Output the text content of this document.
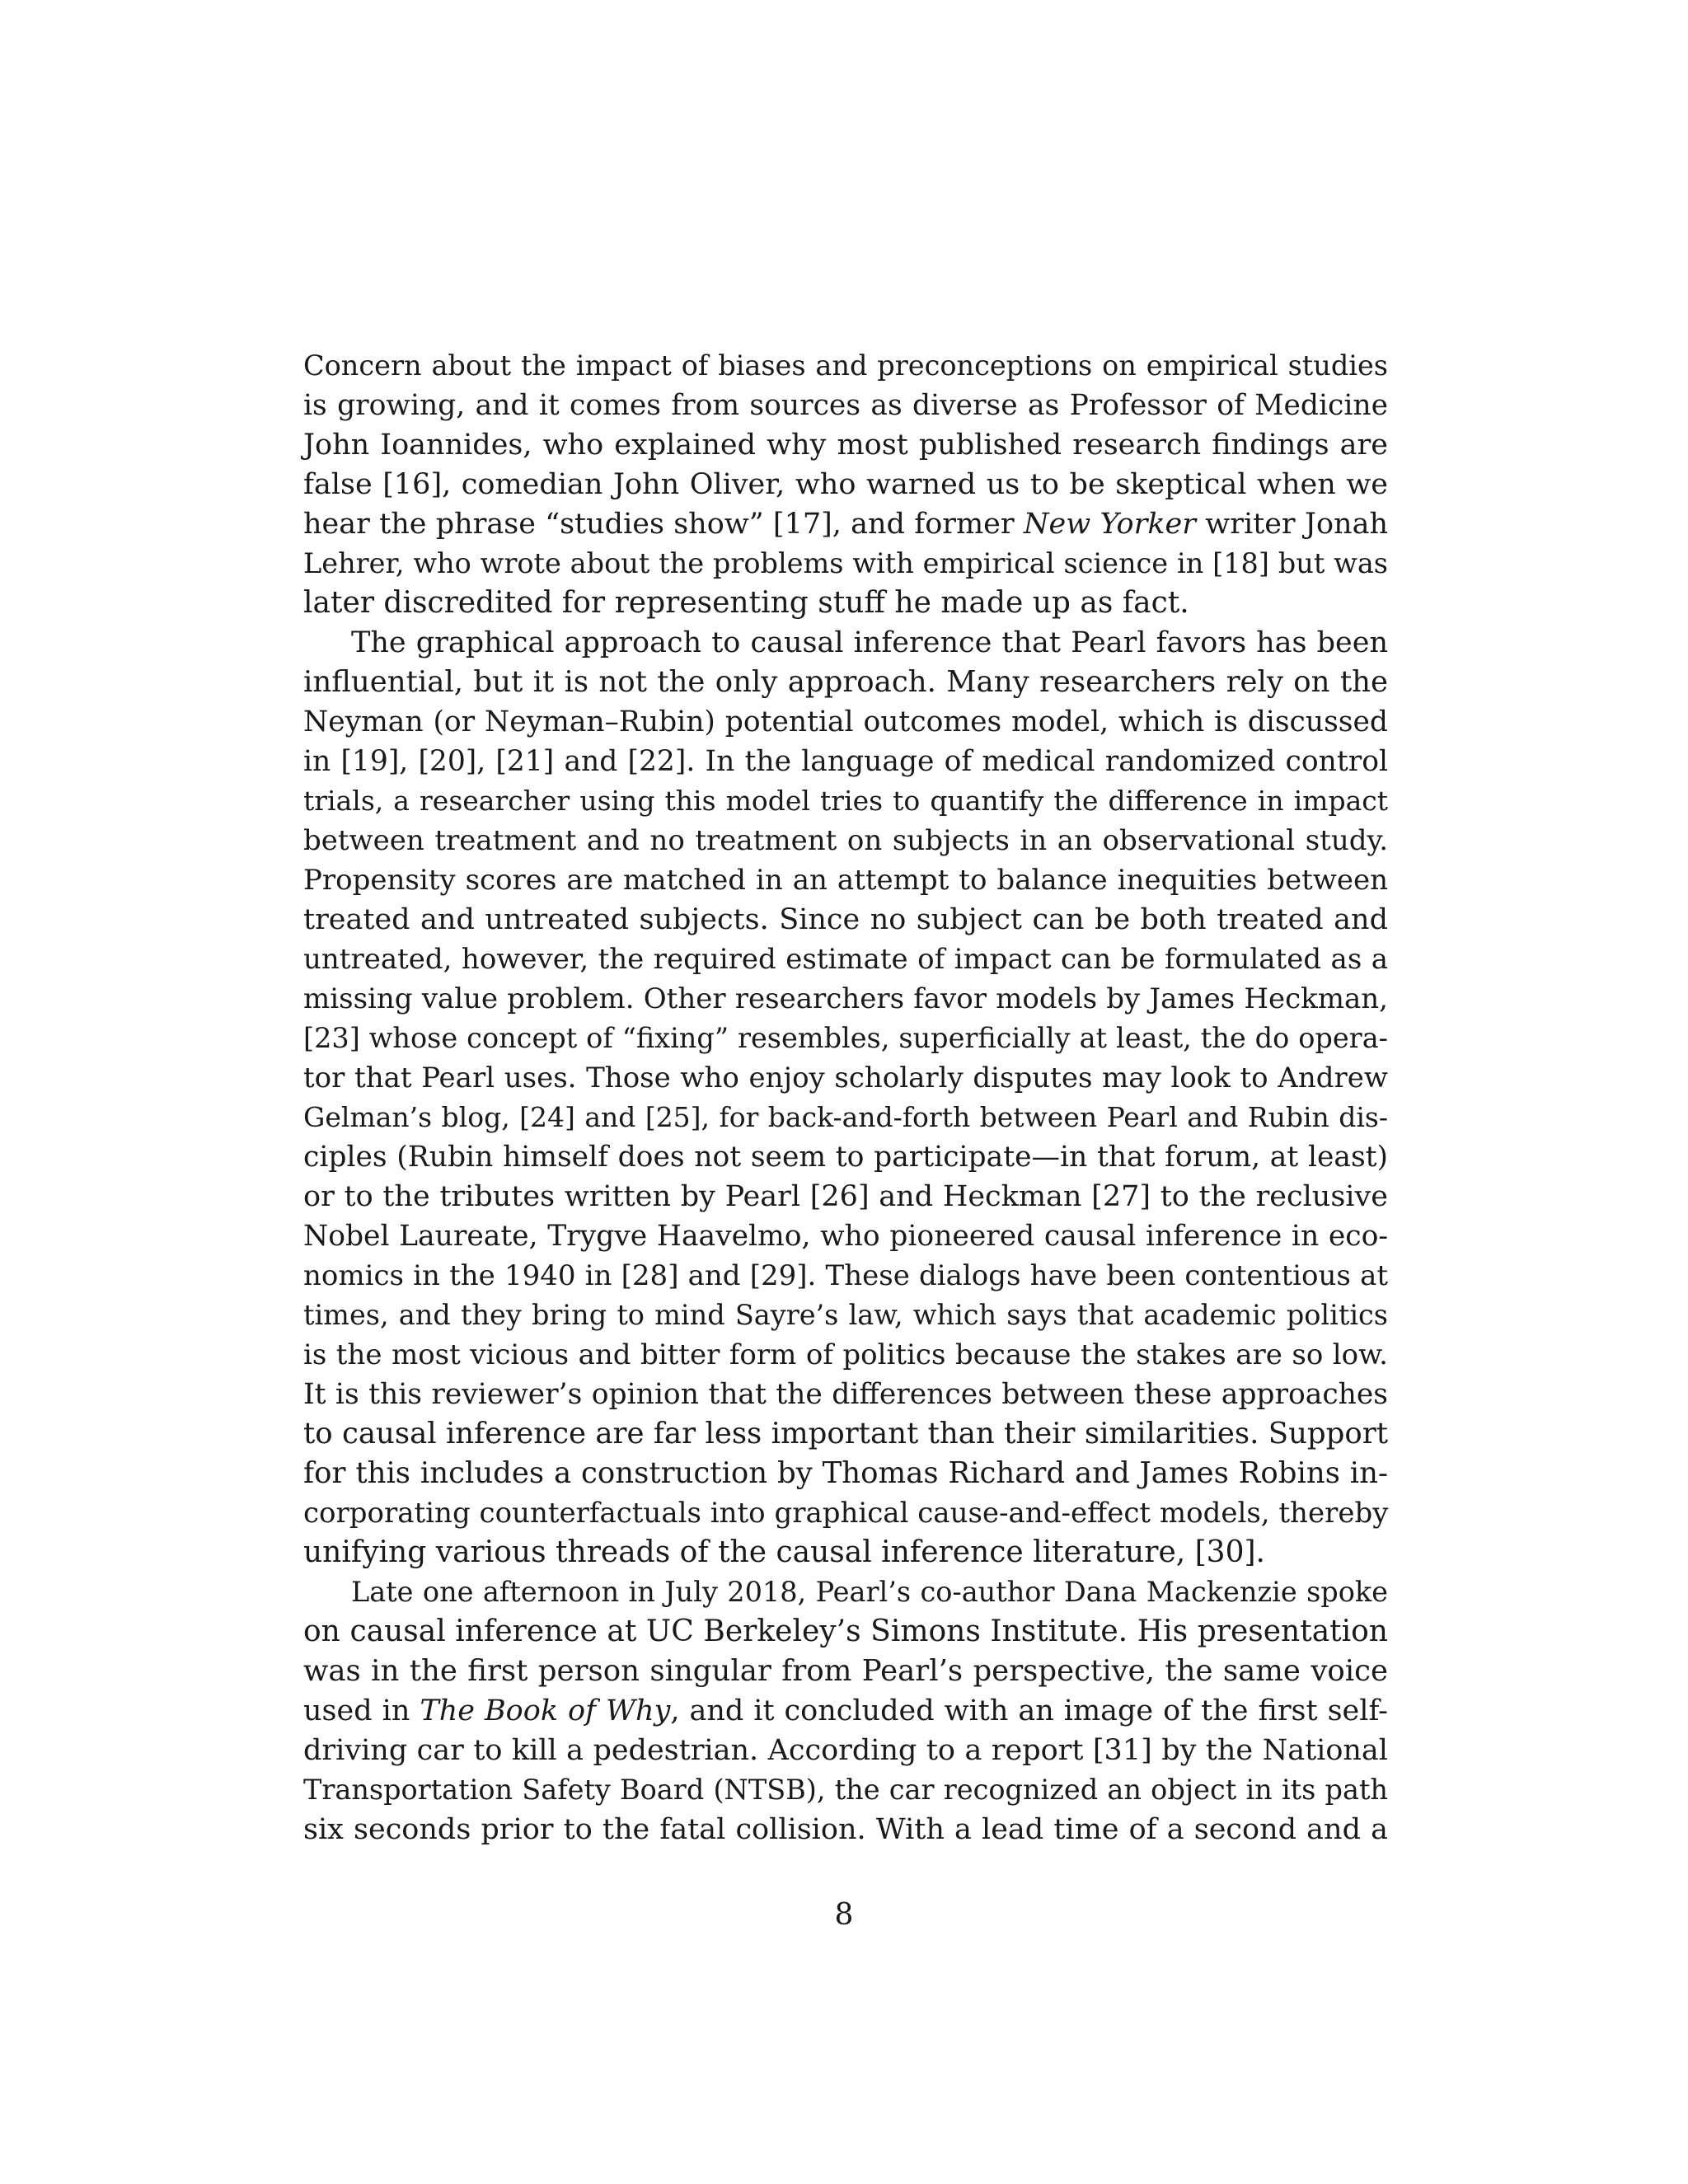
Concern about the impact of biases and preconceptions on empirical studies
is growing, and it comes from sources as diverse as Professor of Medicine
John Ioannides, who explained why most published research findings are
false [16], comedian John Oliver, who warned us to be skeptical when we
hear the phrase “studies show” [17], and former New Yorker writer Jonah
Lehrer, who wrote about the problems with empirical science in [18] but was
later discredited for representing stuff he made up as fact.
The graphical approach to causal inference that Pearl favors has been
influential, but it is not the only approach. Many researchers rely on the
Neyman (or Neyman–Rubin) potential outcomes model, which is discussed
in [19], [20], [21] and [22]. In the language of medical randomized control
trials, a researcher using this model tries to quantify the difference in impact
between treatment and no treatment on subjects in an observational study.
Propensity scores are matched in an attempt to balance inequities between
treated and untreated subjects. Since no subject can be both treated and
untreated, however, the required estimate of impact can be formulated as a
missing value problem. Other researchers favor models by James Heckman,
[23] whose concept of “fixing” resembles, superficially at least, the do opera-
tor that Pearl uses. Those who enjoy scholarly disputes may look to Andrew
Gelman’s blog, [24] and [25], for back-and-forth between Pearl and Rubin dis-
ciples (Rubin himself does not seem to participate—in that forum, at least)
or to the tributes written by Pearl [26] and Heckman [27] to the reclusive
Nobel Laureate, Trygve Haavelmo, who pioneered causal inference in eco-
nomics in the 1940 in [28] and [29]. These dialogs have been contentious at
times, and they bring to mind Sayre’s law, which says that academic politics
is the most vicious and bitter form of politics because the stakes are so low.
It is this reviewer’s opinion that the differences between these approaches
to causal inference are far less important than their similarities. Support
for this includes a construction by Thomas Richard and James Robins in-
corporating counterfactuals into graphical cause-and-effect models, thereby
unifying various threads of the causal inference literature, [30].
Late one afternoon in July 2018, Pearl’s co-author Dana Mackenzie spoke
on causal inference at UC Berkeley’s Simons Institute. His presentation
was in the first person singular from Pearl’s perspective, the same voice
used in The Book of Why, and it concluded with an image of the first self-
driving car to kill a pedestrian. According to a report [31] by the National
Transportation Safety Board (NTSB), the car recognized an object in its path
six seconds prior to the fatal collision. With a lead time of a second and a
8
